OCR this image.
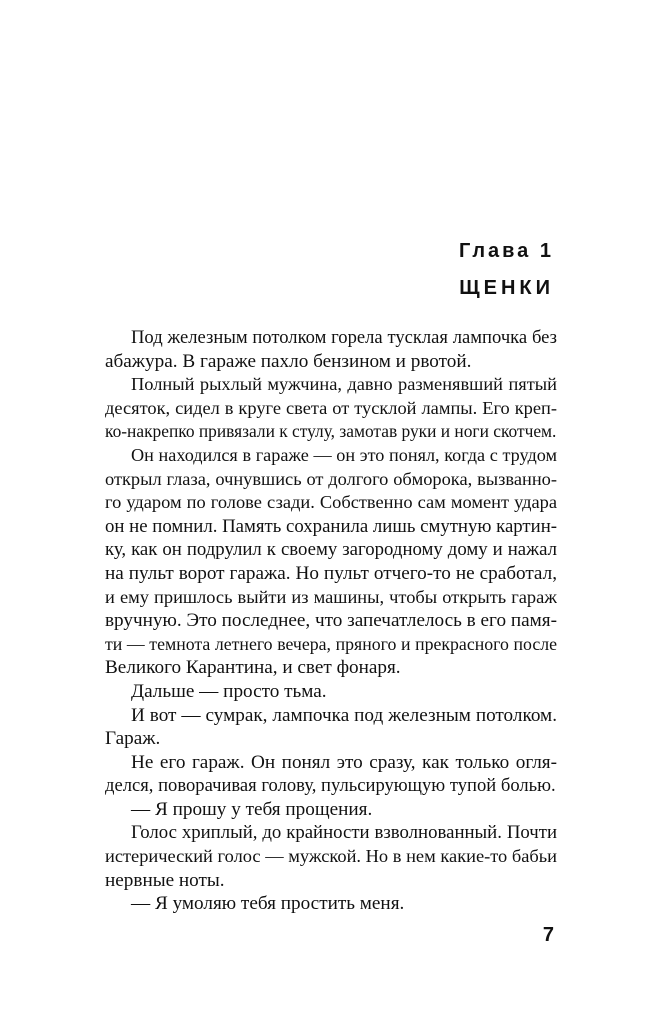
Глава 1
ЩЕНКИ
Под железным потолком горела тусклая лампочка без
абажура. В гараже пахло бензином и рвотой.
Полный рыхлый мужчина, давно разменявший пятый
десяток, сидел в круге света от тусклой лампы. Его креп-
ко-накрепко привязали к стулу, замотав руки и ноги скотчем.
Он находился в гараже — он это понял, когда с трудом
открыл глаза, очнувшись от долгого обморока, вызванно-
го ударом по голове сзади. Собственно сам момент удара
он не помнил. Память сохранила лишь смутную картин-
ку, как он подрулил к своему загородному дому и нажал
на пульт ворот гаража. Но пульт отчего-то не сработал,
и ему пришлось выйти из машины, чтобы открыть гараж
вручную. Это последнее, что запечатлелось в его памя-
ти — темнота летнего вечера, пряного и прекрасного после
Великого Карантина, и свет фонаря.
Дальше — просто тьма.
И вот — сумрак, лампочка под железным потолком.
Гараж.
Не его гараж. Он понял это сразу, как только огля-
делся, поворачивая голову, пульсирующую тупой болью.
— Я прошу у тебя прощения.
Голос хриплый, до крайности взволнованный. Почти
истерический голос — мужской. Но в нем какие-то бабьи
нервные ноты.
— Я умоляю тебя простить меня.
7
